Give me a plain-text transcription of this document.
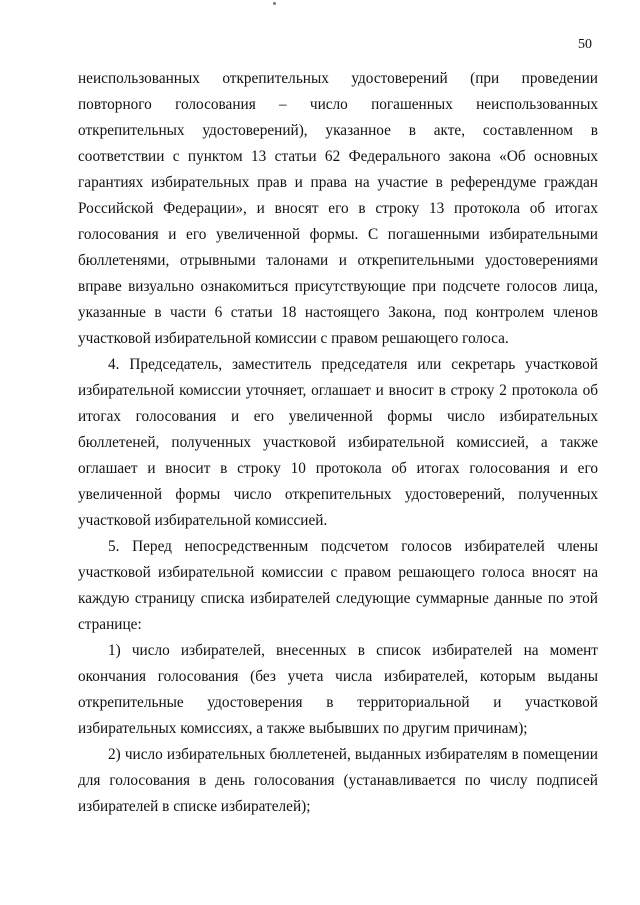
50

неиспользованных открепительных удостоверений (при проведении повторного голосования – число погашенных неиспользованных открепительных удостоверений), указанное в акте, составленном в соответствии с пунктом 13 статьи 62 Федерального закона «Об основных гарантиях избирательных прав и права на участие в референдуме граждан Российской Федерации», и вносят его в строку 13 протокола об итогах голосования и его увеличенной формы. С погашенными избирательными бюллетенями, отрывными талонами и открепительными удостоверениями вправе визуально ознакомиться присутствующие при подсчете голосов лица, указанные в части 6 статьи 18 настоящего Закона, под контролем членов участковой избирательной комиссии с правом решающего голоса.

4. Председатель, заместитель председателя или секретарь участковой избирательной комиссии уточняет, оглашает и вносит в строку 2 протокола об итогах голосования и его увеличенной формы число избирательных бюллетеней, полученных участковой избирательной комиссией, а также оглашает и вносит в строку 10 протокола об итогах голосования и его увеличенной формы число открепительных удостоверений, полученных участковой избирательной комиссией.

5. Перед непосредственным подсчетом голосов избирателей члены участковой избирательной комиссии с правом решающего голоса вносят на каждую страницу списка избирателей следующие суммарные данные по этой странице:

1) число избирателей, внесенных в список избирателей на момент окончания голосования (без учета числа избирателей, которым выданы открепительные удостоверения в территориальной и участковой избирательных комиссиях, а также выбывших по другим причинам);

2) число избирательных бюллетеней, выданных избирателям в помещении для голосования в день голосования (устанавливается по числу подписей избирателей в списке избирателей);
